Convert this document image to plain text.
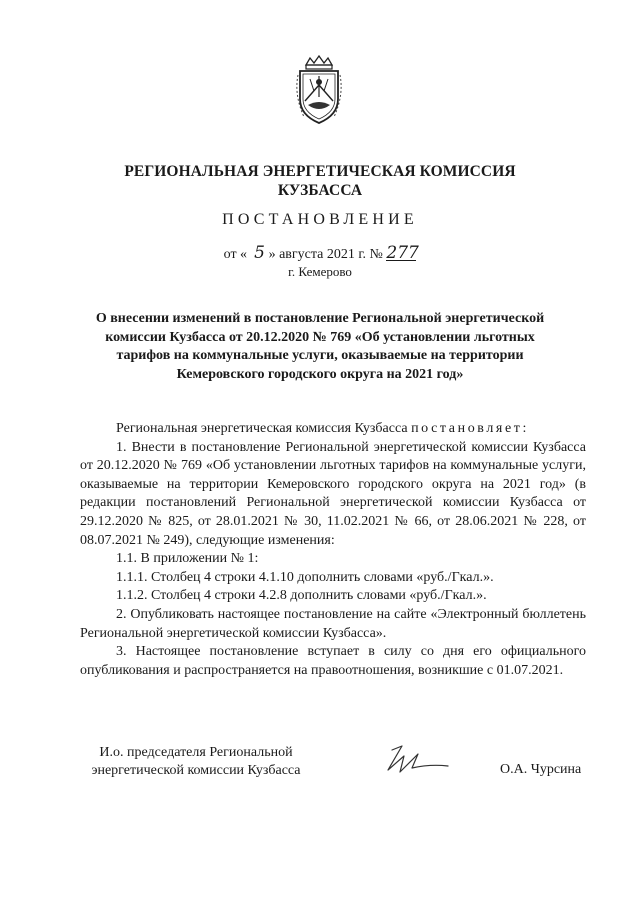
РЕГИОНАЛЬНАЯ ЭНЕРГЕТИЧЕСКАЯ КОМИССИЯ
КУЗБАССА
ПОСТАНОВЛЕНИЕ
от « 5 » августа 2021 г. № 277
г. Кемерово
О внесении изменений в постановление Региональной энергетической комиссии Кузбасса от 20.12.2020 № 769 «Об установлении льготных тарифов на коммунальные услуги, оказываемые на территории Кемеровского городского округа на 2021 год»

Региональная энергетическая комиссия Кузбасса постановляет:

1. Внести в постановление Региональной энергетической комиссии Кузбасса от 20.12.2020 № 769 «Об установлении льготных тарифов на коммунальные услуги, оказываемые на территории Кемеровского городского округа на 2021 год» (в редакции постановлений Региональной энергетической комиссии Кузбасса от 29.12.2020 № 825, от 28.01.2021 № 30, 11.02.2021 № 66, от 28.06.2021 № 228, от 08.07.2021 № 249), следующие изменения:

1.1. В приложении № 1:

1.1.1. Столбец 4 строки 4.1.10 дополнить словами «руб./Гкал.».

1.1.2. Столбец 4 строки 4.2.8 дополнить словами «руб./Гкал.».

2. Опубликовать настоящее постановление на сайте «Электронный бюллетень Региональной энергетической комиссии Кузбасса».

3. Настоящее постановление вступает в силу со дня его официального опубликования и распространяется на правоотношения, возникшие с 01.07.2021.

И.о. председателя Региональной
энергетической комиссии Кузбасса	О.А. Чурсина
